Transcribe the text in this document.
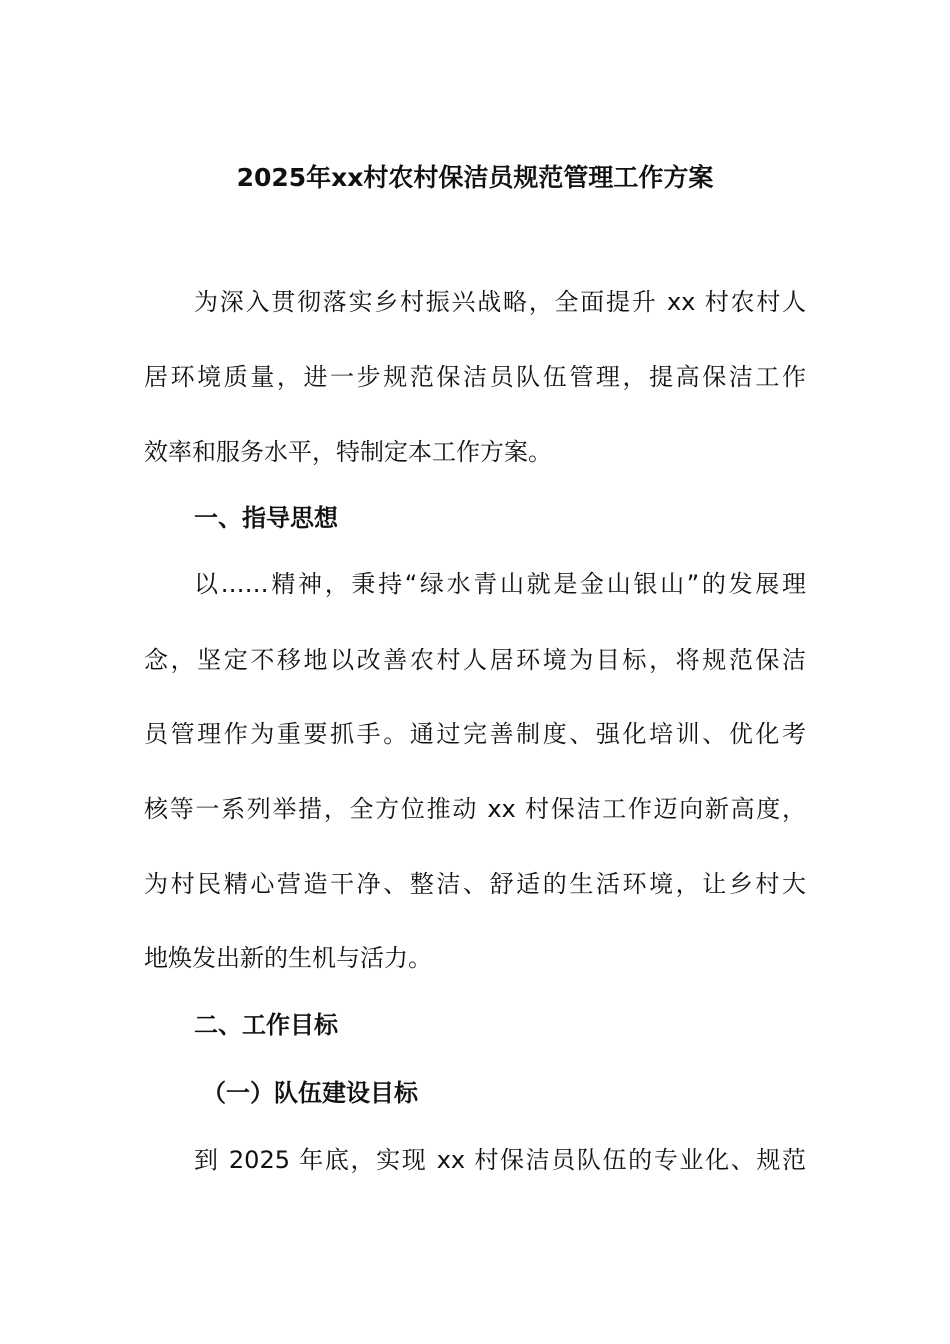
2025年xx村农村保洁员规范管理工作方案
为深入贯彻落实乡村振兴战略，全面提升 xx 村农村人
居环境质量，进一步规范保洁员队伍管理，提高保洁工作
效率和服务水平，特制定本工作方案。
一、指导思想
以……精神，秉持“绿水青山就是金山银山”的发展理
念，坚定不移地以改善农村人居环境为目标，将规范保洁
员管理作为重要抓手。通过完善制度、强化培训、优化考
核等一系列举措，全方位推动 xx 村保洁工作迈向新高度，
为村民精心营造干净、整洁、舒适的生活环境，让乡村大
地焕发出新的生机与活力。
二、工作目标
（一）队伍建设目标
到 2025 年底，实现 xx 村保洁员队伍的专业化、规范
